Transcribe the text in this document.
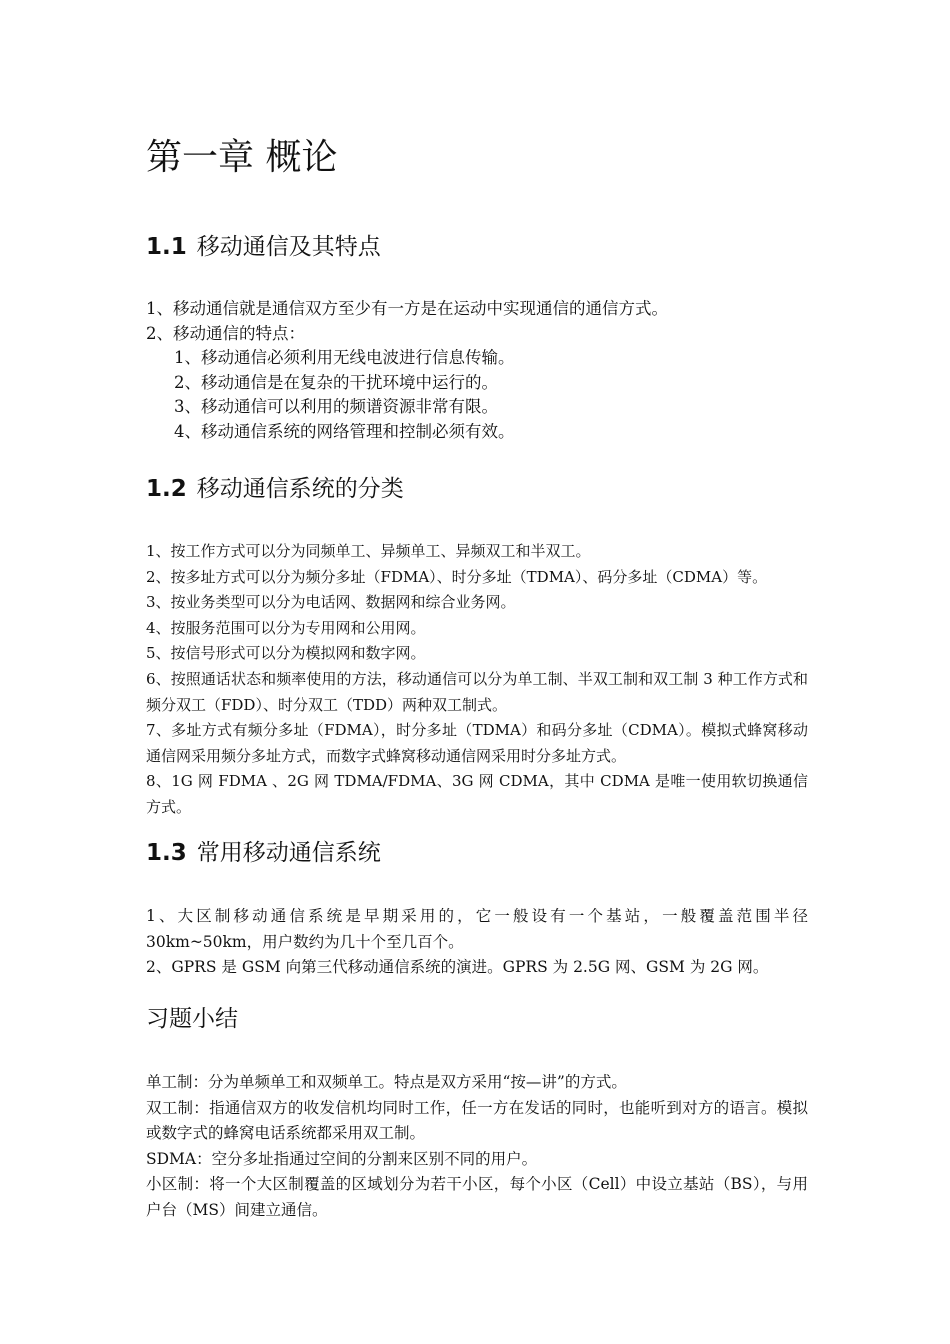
第一章 概论
1.1 移动通信及其特点

1、移动通信就是通信双方至少有一方是在运动中实现通信的通信方式。

2、移动通信的特点：

1、移动通信必须利用无线电波进行信息传输。

2、移动通信是在复杂的干扰环境中运行的。

3、移动通信可以利用的频谱资源非常有限。

4、移动通信系统的网络管理和控制必须有效。

1.2 移动通信系统的分类

1、按工作方式可以分为同频单工、异频单工、异频双工和半双工。

2、按多址方式可以分为频分多址（FDMA）、时分多址（TDMA）、码分多址（CDMA）等。

3、按业务类型可以分为电话网、数据网和综合业务网。

4、按服务范围可以分为专用网和公用网。

5、按信号形式可以分为模拟网和数字网。

6、按照通话状态和频率使用的方法，移动通信可以分为单工制、半双工制和双工制 3 种工作方式和频分双工（FDD）、时分双工（TDD）两种双工制式。

7、多址方式有频分多址（FDMA），时分多址（TDMA）和码分多址（CDMA）。模拟式蜂窝移动通信网采用频分多址方式，而数字式蜂窝移动通信网采用时分多址方式。

8、1G 网 FDMA 、2G 网 TDMA/FDMA、3G 网 CDMA，其中 CDMA 是唯一使用软切换通信方式。

1.3 常用移动通信系统

1、大区制移动通信系统是早期采用的，它一般设有一个基站，一般覆盖范围半径

30km~50km，用户数约为几十个至几百个。

2、GPRS 是 GSM 向第三代移动通信系统的演进。GPRS 为 2.5G 网、GSM 为 2G 网。

习题小结

单工制：分为单频单工和双频单工。特点是双方采用“按—讲”的方式。

双工制：指通信双方的收发信机均同时工作，任一方在发话的同时，也能听到对方的语言。模拟或数字式的蜂窝电话系统都采用双工制。

SDMA：空分多址指通过空间的分割来区别不同的用户。

小区制：将一个大区制覆盖的区域划分为若干小区，每个小区（Cell）中设立基站（BS），与用户台（MS）间建立通信。
